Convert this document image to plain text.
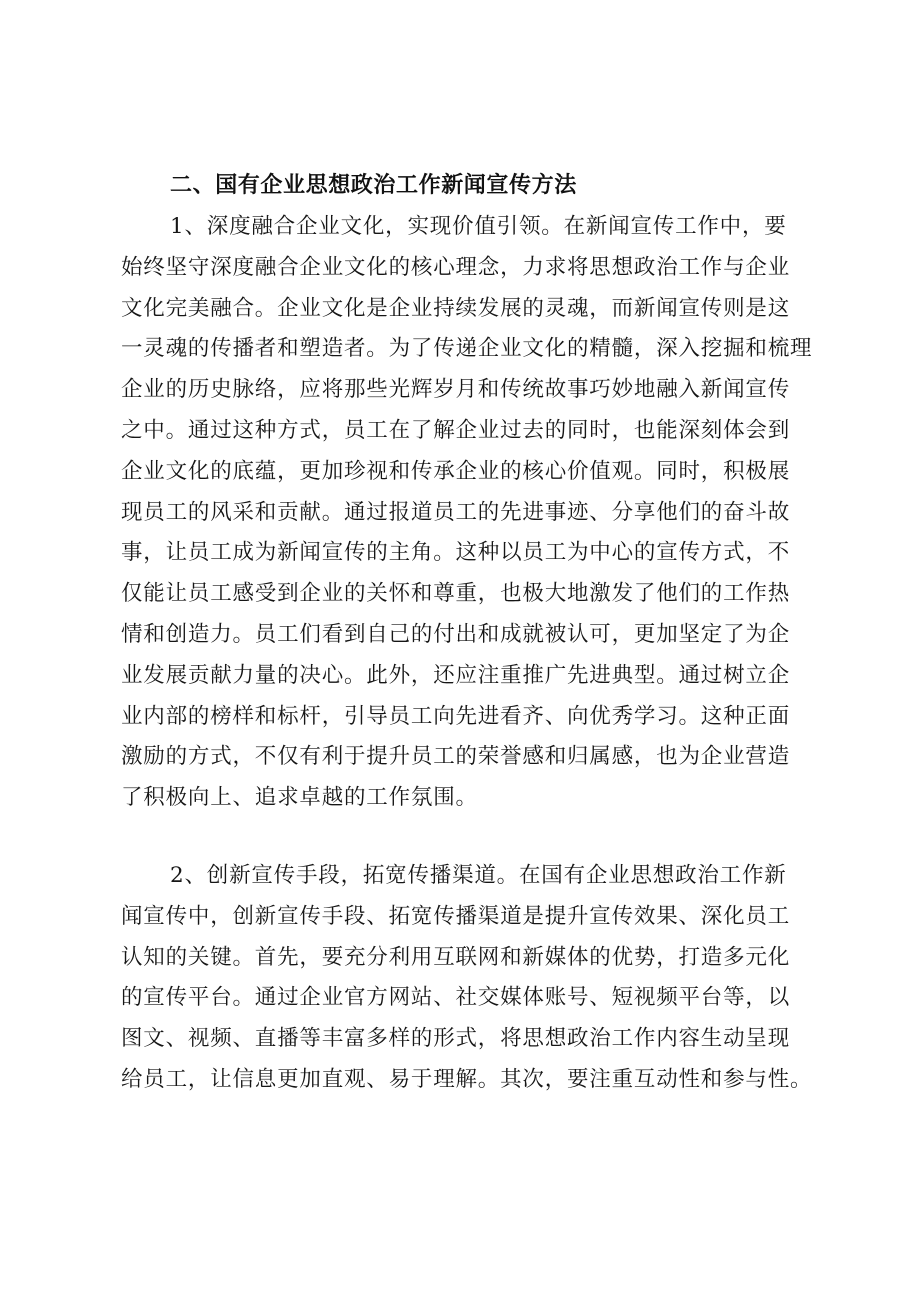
二、国有企业思想政治工作新闻宣传方法
1、深度融合企业文化，实现价值引领。在新闻宣传工作中，要
始终坚守深度融合企业文化的核心理念，力求将思想政治工作与企业
文化完美融合。企业文化是企业持续发展的灵魂，而新闻宣传则是这
一灵魂的传播者和塑造者。为了传递企业文化的精髓，深入挖掘和梳理
企业的历史脉络，应将那些光辉岁月和传统故事巧妙地融入新闻宣传
之中。通过这种方式，员工在了解企业过去的同时，也能深刻体会到
企业文化的底蕴，更加珍视和传承企业的核心价值观。同时，积极展
现员工的风采和贡献。通过报道员工的先进事迹、分享他们的奋斗故
事，让员工成为新闻宣传的主角。这种以员工为中心的宣传方式，不
仅能让员工感受到企业的关怀和尊重，也极大地激发了他们的工作热
情和创造力。员工们看到自己的付出和成就被认可，更加坚定了为企
业发展贡献力量的决心。此外，还应注重推广先进典型。通过树立企
业内部的榜样和标杆，引导员工向先进看齐、向优秀学习。这种正面
激励的方式，不仅有利于提升员工的荣誉感和归属感，也为企业营造
了积极向上、追求卓越的工作氛围。
2、创新宣传手段，拓宽传播渠道。在国有企业思想政治工作新
闻宣传中，创新宣传手段、拓宽传播渠道是提升宣传效果、深化员工
认知的关键。首先，要充分利用互联网和新媒体的优势，打造多元化
的宣传平台。通过企业官方网站、社交媒体账号、短视频平台等，以
图文、视频、直播等丰富多样的形式，将思想政治工作内容生动呈现
给员工，让信息更加直观、易于理解。其次，要注重互动性和参与性。
